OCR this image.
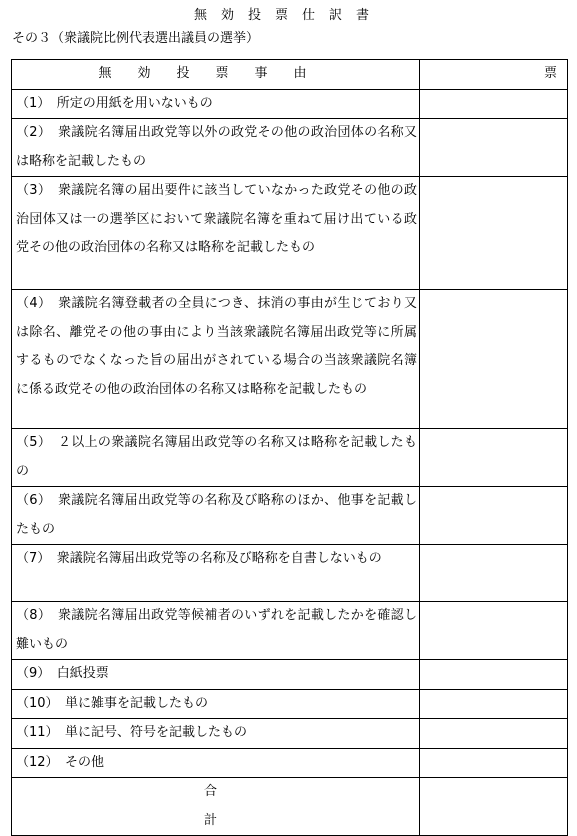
無効投票仕訳書
その３（衆議院比例代表選出議員の選挙）
無効投票事由	票

（1）　所定の用紙を用いないもの	

（2）　衆議院名簿届出政党等以外の政党その他の政治団体の名称又は略称を記載したもの	

（3）　衆議院名簿の届出要件に該当していなかった政党その他の政治団体又は一の選挙区において衆議院名簿を重ねて届け出ている政党その他の政治団体の名称又は略称を記載したもの	

（4）　衆議院名簿登載者の全員につき、抹消の事由が生じており又は除名、離党その他の事由により当該衆議院名簿届出政党等に所属するものでなくなった旨の届出がされている場合の当該衆議院名簿に係る政党その他の政治団体の名称又は略称を記載したもの	

（5）　２以上の衆議院名簿届出政党等の名称又は略称を記載したもの	

（6）　衆議院名簿届出政党等の名称及び略称のほか、他事を記載したもの	

（7）　衆議院名簿届出政党等の名称及び略称を自書しないもの	

（8）　衆議院名簿届出政党等候補者のいずれを記載したかを確認し難いもの	

（9）　白紙投票	

（10）　単に雑事を記載したもの	

（11）　単に記号、符号を記載したもの	

（12）　その他	

合計	
